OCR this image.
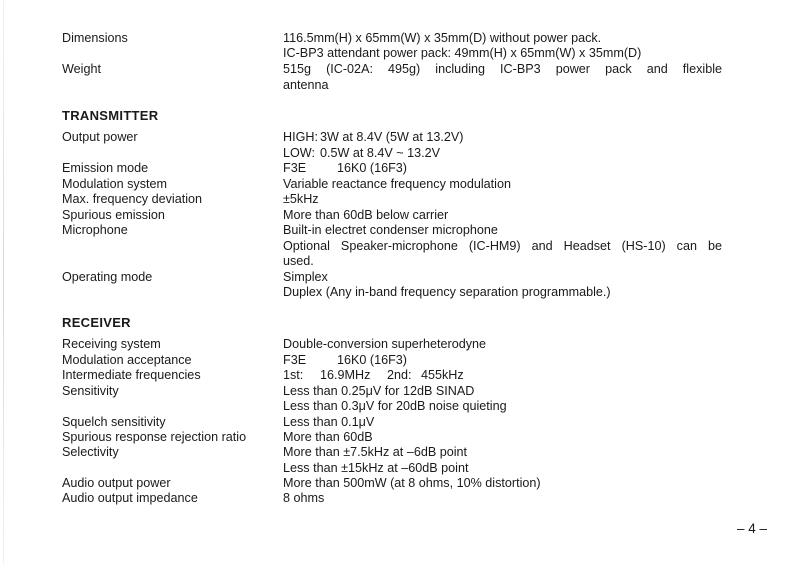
Dimensions	116.5mm(H) x 65mm(W) x 35mm(D) without power pack.
IC-BP3 attendant power pack: 49mm(H) x 65mm(W) x 35mm(D)
Weight	515g (IC-02A: 495g) including IC-BP3 power pack and flexible
antenna
TRANSMITTER
Output power	HIGH: 3W at 8.4V (5W at 13.2V)
LOW: 0.5W at 8.4V ~ 13.2V
Emission mode	F3E 16K0 (16F3)
Modulation system	Variable reactance frequency modulation
Max. frequency deviation	±5kHz
Spurious emission	More than 60dB below carrier
Microphone	Built-in electret condenser microphone
Optional Speaker-microphone (IC-HM9) and Headset (HS-10) can be
used.
Operating mode	Simplex
Duplex (Any in-band frequency separation programmable.)
RECEIVER
Receiving system	Double-conversion superheterodyne
Modulation acceptance	F3E 16K0 (16F3)
Intermediate frequencies	1st: 16.9MHz 2nd: 455kHz
Sensitivity	Less than 0.25μV for 12dB SINAD
Less than 0.3μV for 20dB noise quieting
Squelch sensitivity	Less than 0.1μV
Spurious response rejection ratio	More than 60dB
Selectivity	More than ±7.5kHz at –6dB point
Less than ±15kHz at –60dB point
Audio output power	More than 500mW (at 8 ohms, 10% distortion)
Audio output impedance	8 ohms
– 4 –
